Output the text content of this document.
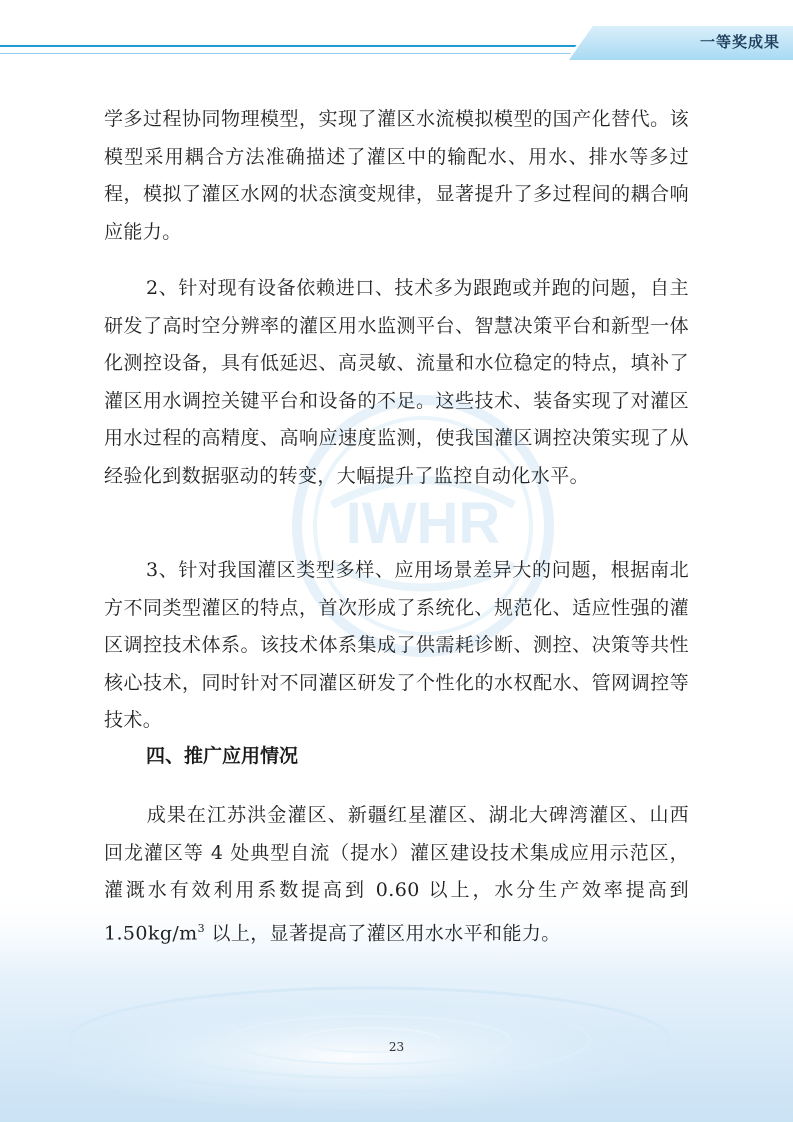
一等奖成果
IWHR

学多过程协同物理模型，实现了灌区水流模拟模型的国产化替代。该模型采用耦合方法准确描述了灌区中的输配水、用水、排水等多过程，模拟了灌区水网的状态演变规律，显著提升了多过程间的耦合响应能力。

2、针对现有设备依赖进口、技术多为跟跑或并跑的问题，自主研发了高时空分辨率的灌区用水监测平台、智慧决策平台和新型一体化测控设备，具有低延迟、高灵敏、流量和水位稳定的特点，填补了灌区用水调控关键平台和设备的不足。这些技术、装备实现了对灌区用水过程的高精度、高响应速度监测，使我国灌区调控决策实现了从经验化到数据驱动的转变，大幅提升了监控自动化水平。

3、针对我国灌区类型多样、应用场景差异大的问题，根据南北方不同类型灌区的特点，首次形成了系统化、规范化、适应性强的灌区调控技术体系。该技术体系集成了供需耗诊断、测控、决策等共性核心技术，同时针对不同灌区研发了个性化的水权配水、管网调控等技术。

四、推广应用情况

成果在江苏洪金灌区、新疆红星灌区、湖北大碑湾灌区、山西回龙灌区等 4 处典型自流（提水）灌区建设技术集成应用示范区，灌溉水有效利用系数提高到 0.60 以上，水分生产效率提高到 $1.50kg/m^3$ 以上，显著提高了灌区用水水平和能力。

23
